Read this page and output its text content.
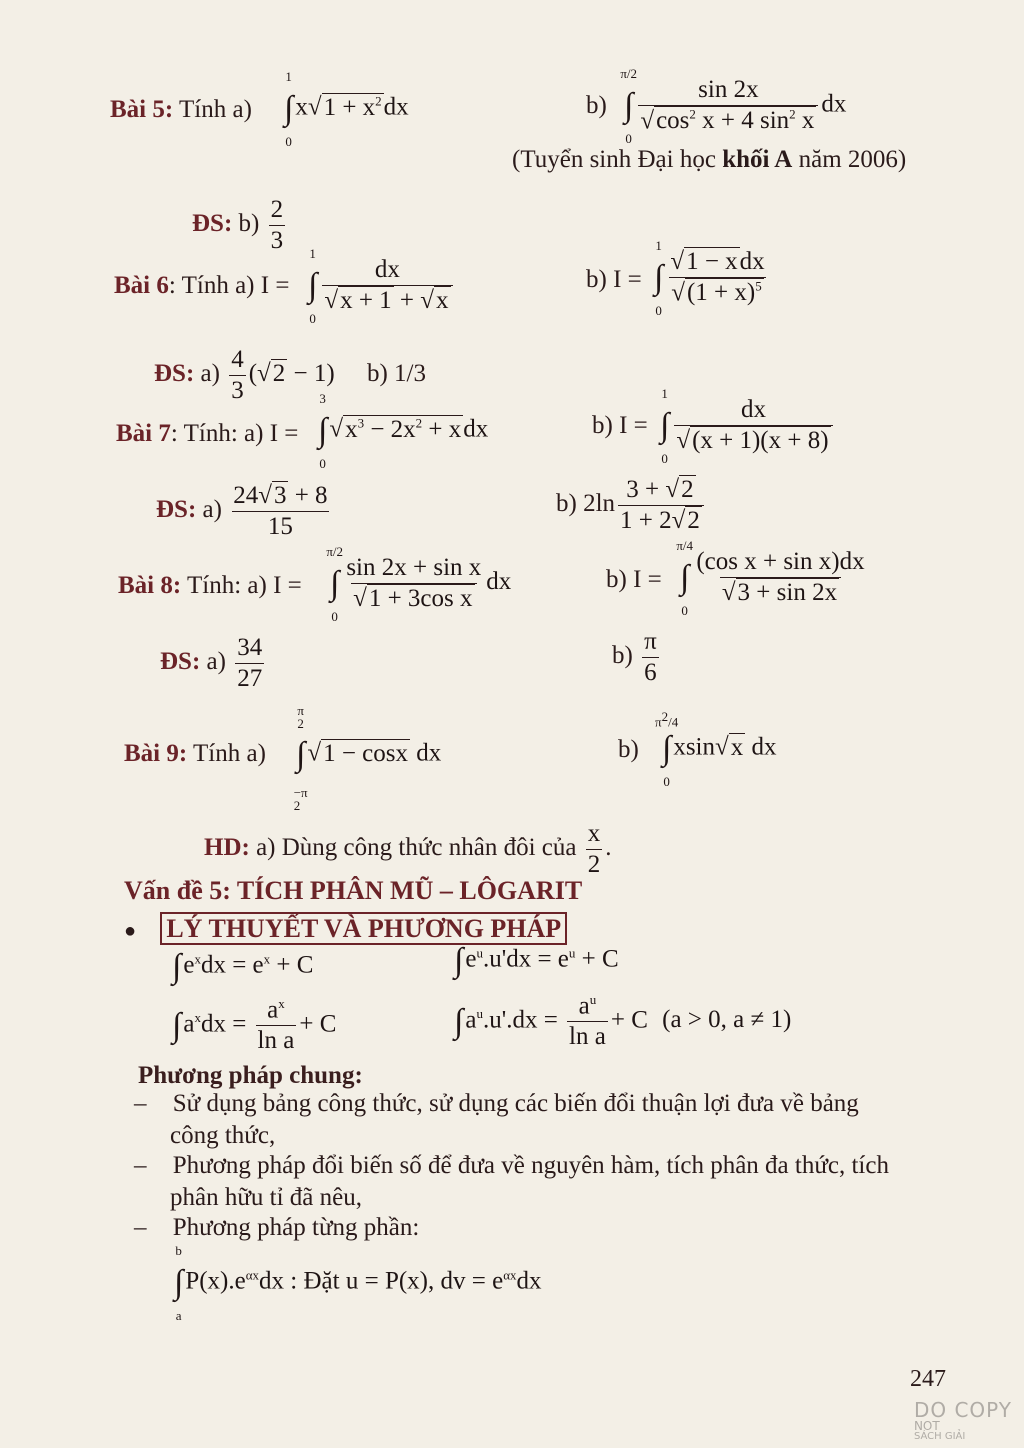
Bài 5: Tính a) ∫
1
0
$x√1 + x^2dx$	b) ∫
π/2
0
$\frac{\sin 2x}{√\cos^2 x + 4 \sin^2 x}$ dx
(Tuyển sinh Đại học khối A năm 2006)
ĐS: $b) \frac{2}{3}$
Bài 6: Tính a) I = ∫
1
0
$\frac{dx}{√x + 1 + √x}$	b) I = ∫
1
0
$\frac{\text{√1 − xdx}}{√(1 + x)^5}$
ĐS: $a) \frac{4}{3} (√2 - 1)$ b) 1/3
Bài 7: Tính: a) I = ∫
3
0
$√x^3 - 2x^2$ + xdx	b) I = ∫
1
0
$\frac{dx}{√(x + 1)(x + 8)}$
ĐS: $a) \frac{24√3 + 8}{15}$	b) $2\ln \frac{3 + √2}{1 + 2√2}$
Bài 8: Tính: a) I = ∫
π/2
0
$\frac{\text{sin 2x + sin x}}{\text{√1 + 3cos x}}$ dx	b) I = ∫
π/4
0
$\frac{\text{(cos x + sin x)dx}}{√3 + \sin 2x}$
ĐS: $a) \frac{34}{27}$	$b) \frac{\pi}{6}$
Bài 9: Tính a) ∫
π
2
−π
2
√1 − cosx dx	b) ∫
$\pi^2/4$
0
xsin√x dx
HD: a) Dùng công thức nhân đôi của $\frac{x}{2}$ .
Vấn đề 5: TÍCH PHÂN MŨ – LÔGARIT
● LÝ THUYẾT VÀ PHƯƠNG PHÁP
$\int e^xdx = e^x + C$	$\int e^u.u'dx = e^u + C$
$\int a^xdx = \frac{a^x}{\text{ln a}} + C$	$\int a^u.u'.dx = \frac{a^u}{\text{ln a}} + C$ (a > 0, a ≠ 1)
Phương pháp chung:
– Sử dụng bảng công thức, sử dụng các biến đổi thuận lợi đưa về bảng
công thức,
– Phương pháp đổi biến số để đưa về nguyên hàm, tích phân đa thức, tích
phân hữu tỉ đã nêu,
– Phương pháp từng phần:
∫
b
a
$P(x).e^{\alpha x}dx$ : Đặt u = P(x), dv = $e^{\alpha x}dx$
247
DO COPY
NOT
SÁCH GIẢI
